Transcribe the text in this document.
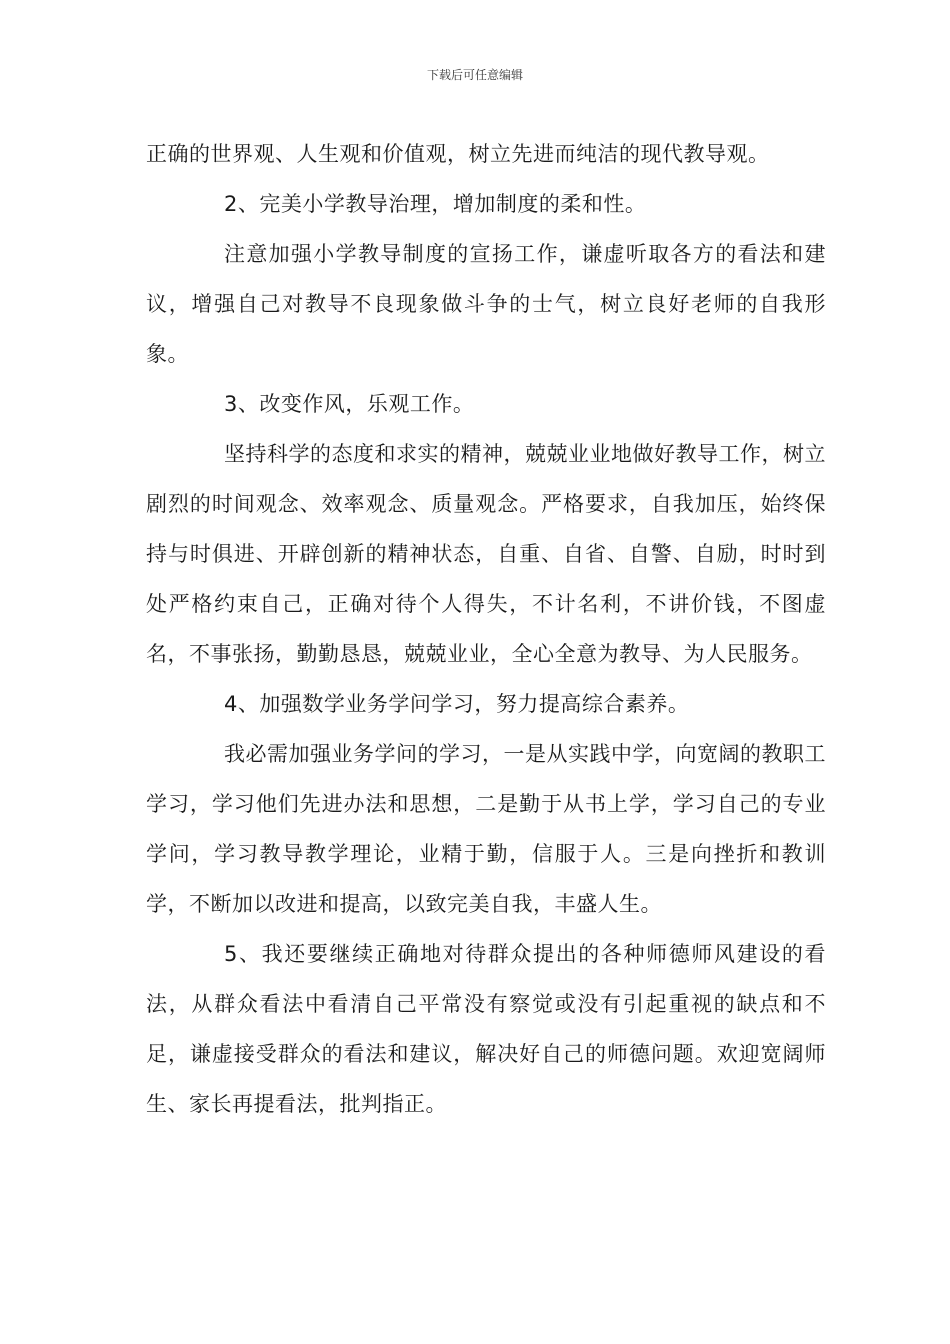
下载后可任意编辑

正确的世界观、人生观和价值观，树立先进而纯洁的现代教导观。

2、完美小学教导治理，增加制度的柔和性。

注意加强小学教导制度的宣扬工作，谦虚听取各方的看法和建议，增强自己对教导不良现象做斗争的士气，树立良好老师的自我形象。

3、改变作风，乐观工作。

坚持科学的态度和求实的精神，兢兢业业地做好教导工作，树立剧烈的时间观念、效率观念、质量观念。严格要求，自我加压，始终保持与时俱进、开辟创新的精神状态，自重、自省、自警、自励，时时到处严格约束自己，正确对待个人得失，不计名利，不讲价钱，不图虚名，不事张扬，勤勤恳恳，兢兢业业，全心全意为教导、为人民服务。

4、加强数学业务学问学习，努力提高综合素养。

我必需加强业务学问的学习，一是从实践中学，向宽阔的教职工学习，学习他们先进办法和思想，二是勤于从书上学，学习自己的专业学问，学习教导教学理论，业精于勤，信服于人。三是向挫折和教训学，不断加以改进和提高，以致完美自我，丰盛人生。

5、我还要继续正确地对待群众提出的各种师德师风建设的看法，从群众看法中看清自己平常没有察觉或没有引起重视的缺点和不足，谦虚接受群众的看法和建议，解决好自己的师德问题。欢迎宽阔师生、家长再提看法，批判指正。
